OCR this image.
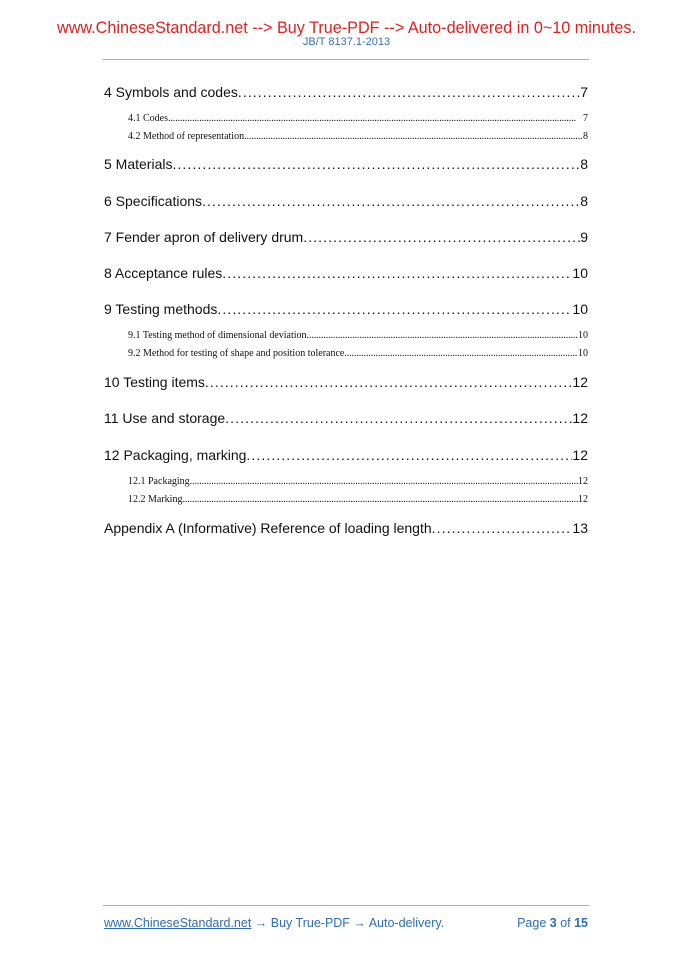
www.ChineseStandard.net --> Buy True-PDF --> Auto-delivered in 0~10 minutes.
JB/T 8137.1-2013
4 Symbols and codes . . .	7
4.1 Codes . . .	7
4.2 Method of representation . . .	8
5 Materials . . .	8
6 Specifications . . .	8
7 Fender apron of delivery drum . . .	9
8 Acceptance rules . . .	10
9 Testing methods . . .	10
9.1 Testing method of dimensional deviation . . .	10
9.2 Method for testing of shape and position tolerance . . .	10
10 Testing items . . .	12
11 Use and storage . . .	12
12 Packaging, marking . . .	12
12.1 Packaging . . .	12
12.2 Marking . . .	12
Appendix A (Informative) Reference of loading length . . .	13
www.ChineseStandard.net → Buy True-PDF → Auto-delivery.	Page 3 of 15
